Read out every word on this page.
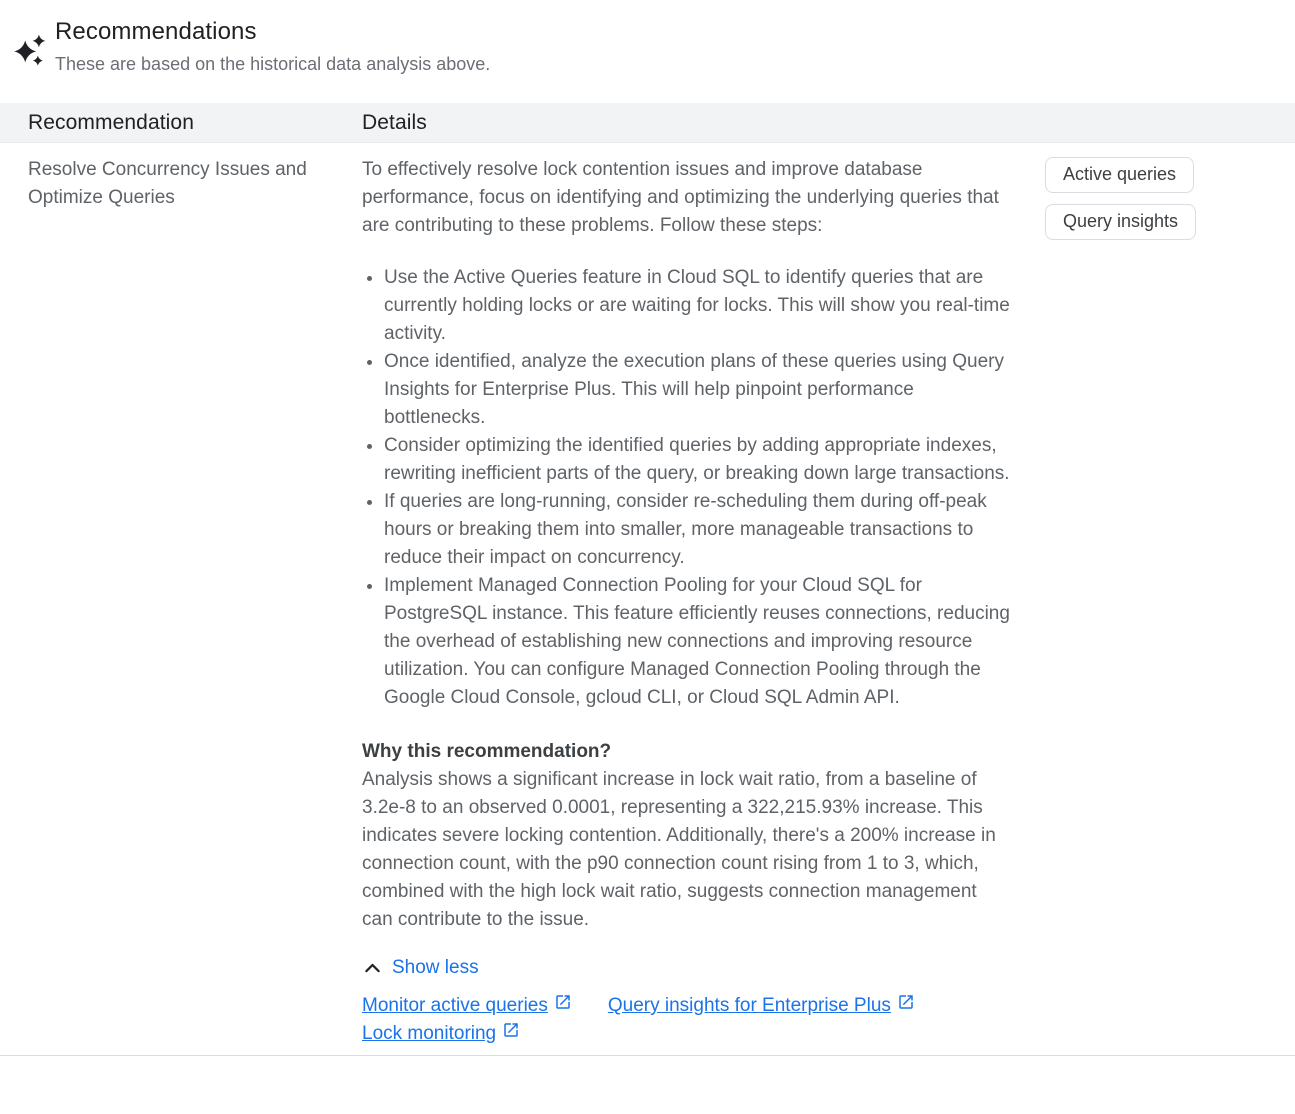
Recommendations
These are based on the historical data analysis above.
Recommendation	Details
Resolve Concurrency Issues and Optimize Queries

To effectively resolve lock contention issues and improve database performance, focus on identifying and optimizing the underlying queries that are contributing to these problems. Follow these steps:

• Use the Active Queries feature in Cloud SQL to identify queries that are currently holding locks or are waiting for locks. This will show you real-time activity.
• Once identified, analyze the execution plans of these queries using Query Insights for Enterprise Plus. This will help pinpoint performance bottlenecks.
• Consider optimizing the identified queries by adding appropriate indexes, rewriting inefficient parts of the query, or breaking down large transactions.
• If queries are long-running, consider re-scheduling them during off-peak hours or breaking them into smaller, more manageable transactions to reduce their impact on concurrency.
• Implement Managed Connection Pooling for your Cloud SQL for PostgreSQL instance. This feature efficiently reuses connections, reducing the overhead of establishing new connections and improving resource utilization. You can configure Managed Connection Pooling through the Google Cloud Console, gcloud CLI, or Cloud SQL Admin API.
Why this recommendation?

Analysis shows a significant increase in lock wait ratio, from a baseline of 3.2e-8 to an observed 0.0001, representing a 322,215.93% increase. This indicates severe locking contention. Additionally, there's a 200% increase in connection count, with the p90 connection count rising from 1 to 3, which, combined with the high lock wait ratio, suggests connection management can contribute to the issue.

Show less
Monitor active queries	Query insights for Enterprise Plus
Lock monitoring
Active queries
Query insights
